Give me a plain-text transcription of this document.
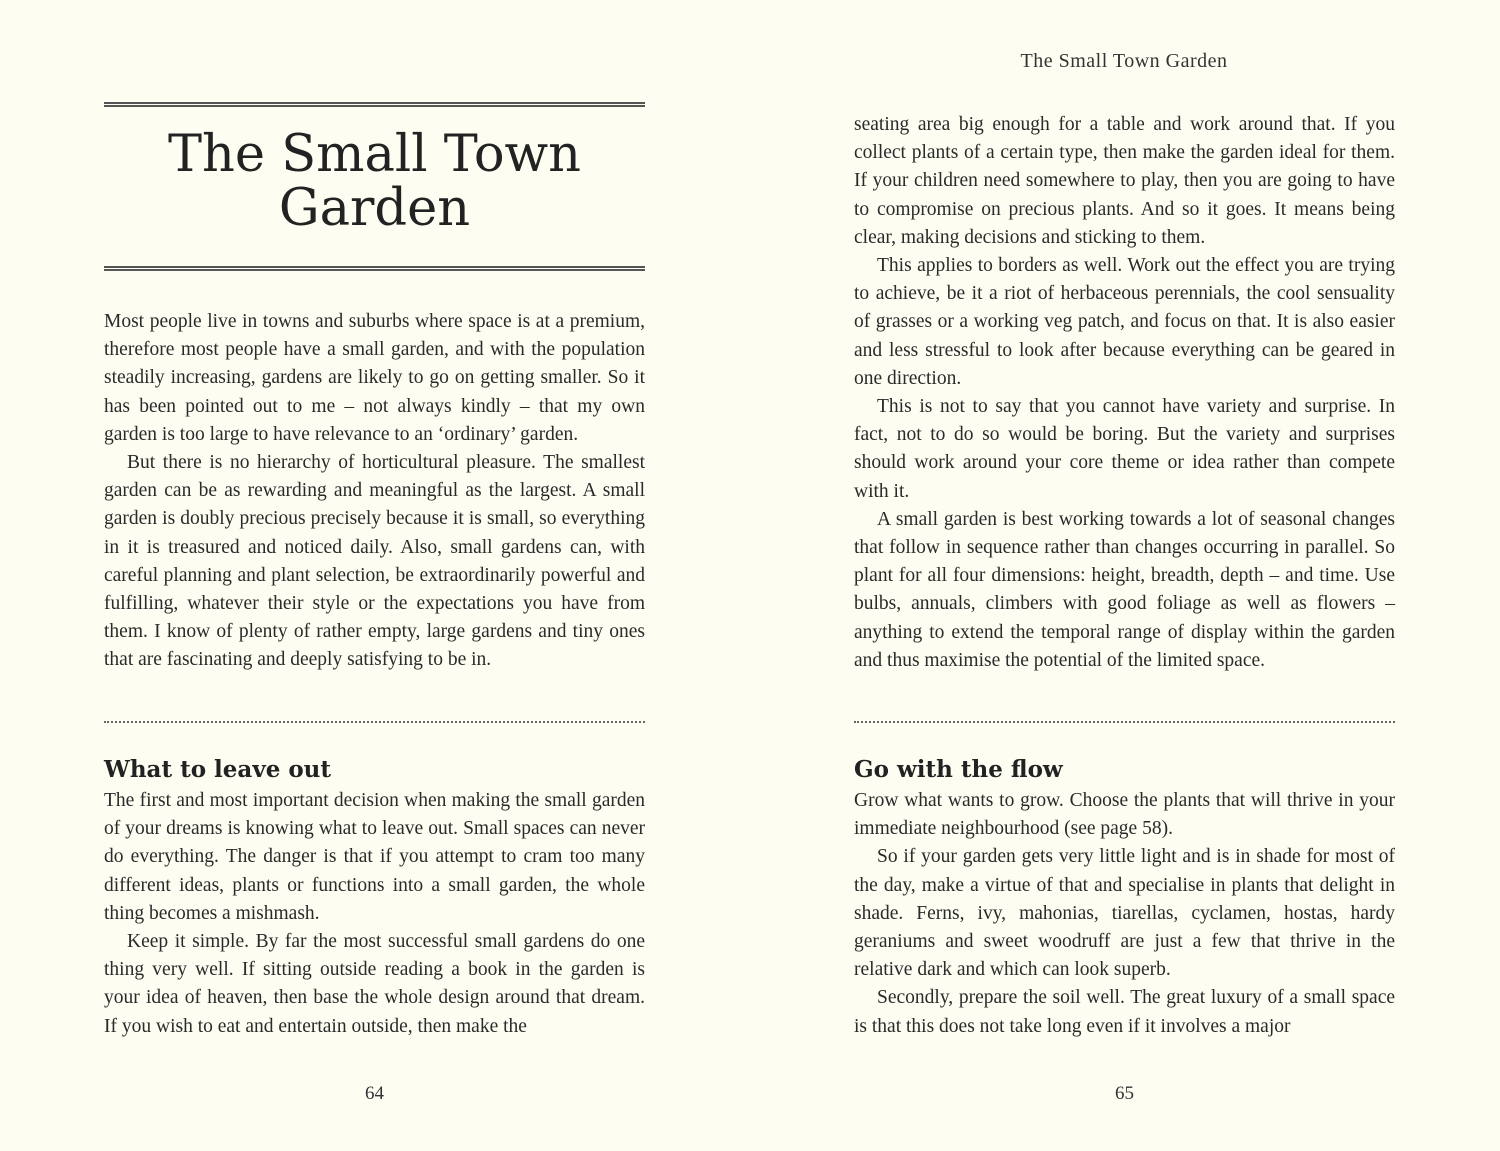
The Small Town
Garden

Most people live in towns and suburbs where space is at a premium, therefore most people have a small garden, and with the population steadily increasing, gardens are likely to go on getting smaller. So it has been pointed out to me – not always kindly – that my own garden is too large to have relevance to an ‘ordinary’ garden.

But there is no hierarchy of horticultural pleasure. The smallest garden can be as rewarding and meaningful as the largest. A small garden is doubly precious precisely because it is small, so everything in it is treasured and noticed daily. Also, small gardens can, with careful planning and plant selection, be extraordinarily powerful and fulfilling, whatever their style or the expectations you have from them. I know of plenty of rather empty, large gardens and tiny ones that are fascinating and deeply satisfying to be in.

What to leave out

The first and most important decision when making the small garden of your dreams is knowing what to leave out. Small spaces can never do everything. The danger is that if you attempt to cram too many different ideas, plants or functions into a small garden, the whole thing becomes a mishmash.

Keep it simple. By far the most successful small gardens do one thing very well. If sitting outside reading a book in the garden is your idea of heaven, then base the whole design around that dream. If you wish to eat and entertain outside, then make the

64
The Small Town Garden

seating area big enough for a table and work around that. If you collect plants of a certain type, then make the garden ideal for them. If your children need somewhere to play, then you are going to have to compromise on precious plants. And so it goes. It means being clear, making decisions and sticking to them.

This applies to borders as well. Work out the effect you are trying to achieve, be it a riot of herbaceous perennials, the cool sensuality of grasses or a working veg patch, and focus on that. It is also easier and less stressful to look after because everything can be geared in one direction.

This is not to say that you cannot have variety and surprise. In fact, not to do so would be boring. But the variety and surprises should work around your core theme or idea rather than compete with it.

A small garden is best working towards a lot of seasonal changes that follow in sequence rather than changes occurring in parallel. So plant for all four dimensions: height, breadth, depth – and time. Use bulbs, annuals, climbers with good foliage as well as flowers – anything to extend the temporal range of display within the garden and thus maximise the potential of the limited space.

Go with the flow

Grow what wants to grow. Choose the plants that will thrive in your immediate neighbourhood (see page 58).

So if your garden gets very little light and is in shade for most of the day, make a virtue of that and specialise in plants that delight in shade. Ferns, ivy, mahonias, tiarellas, cyclamen, hostas, hardy geraniums and sweet woodruff are just a few that thrive in the relative dark and which can look superb.

Secondly, prepare the soil well. The great luxury of a small space is that this does not take long even if it involves a major

65
